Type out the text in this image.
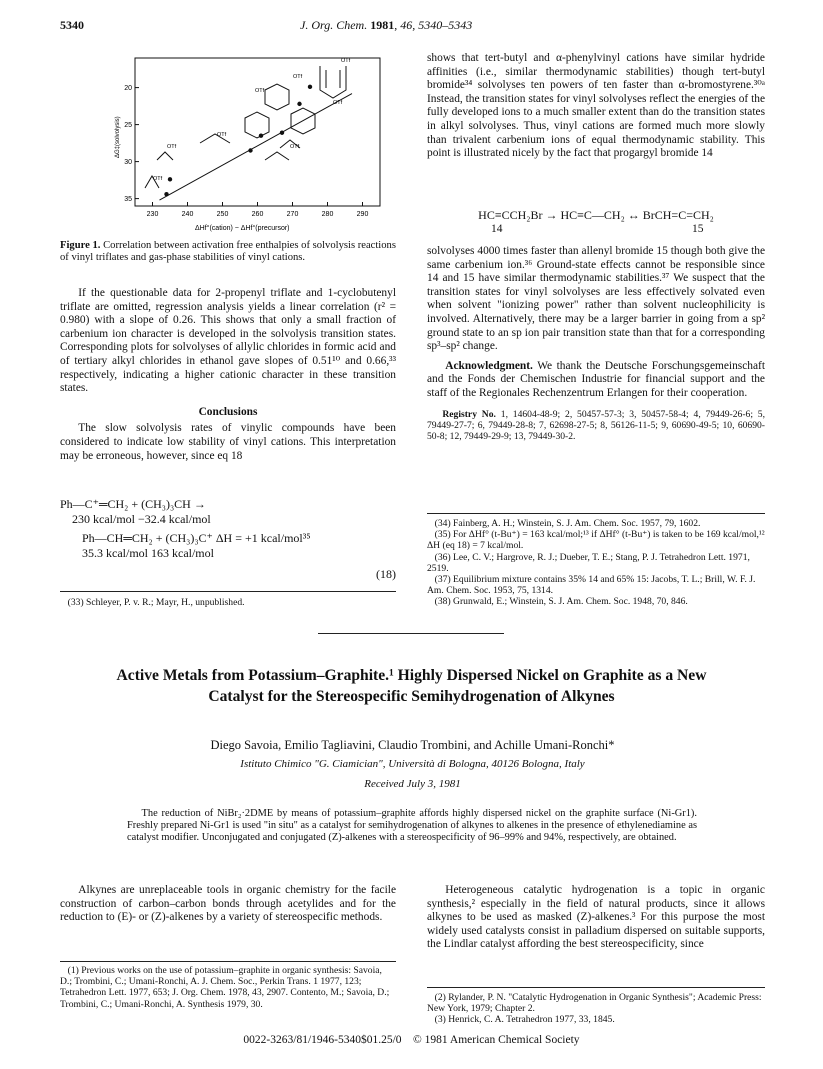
5340	J. Org. Chem. 1981, 46, 5340–5343
35
30
25
20
230	240	250	260	270	280	290
OTf
OTf
OTf
OTf
OTf
OTf
OTf
OTf
ΔG‡(solvolysis)
ΔHf°(cation) − ΔHf°(precursor)
Figure 1. Correlation between activation free enthalpies of solvolysis reactions of vinyl triflates and gas-phase stabilities of vinyl cations.

If the questionable data for 2-propenyl triflate and 1-cyclobutenyl triflate are omitted, regression analysis yields a linear correlation (r² = 0.980) with a slope of 0.26. This shows that only a small fraction of carbenium ion character is developed in the solvolysis transition states. Corresponding plots for solvolyses of allylic chlorides in formic acid and of tertiary alkyl chlorides in ethanol gave slopes of 0.51¹⁰ and 0.66,³³ respectively, indicating a higher cationic character in these transition states.

Conclusions

The slow solvolysis rates of vinylic compounds have been considered to indicate low stability of vinyl cations. This interpretation may be erroneous, however, since eq 18

Ph—C⁺═CH₂ + (CH₃)₃CH →
230 kcal/mol −32.4 kcal/mol
Ph—CH═CH₂ + (CH₃)₃C⁺ ΔH = +1 kcal/mol³⁵
35.3 kcal/mol 163 kcal/mol
(18)
(33) Schleyer, P. v. R.; Mayr, H., unpublished.

shows that tert-butyl and α-phenylvinyl cations have similar hydride affinities (i.e., similar thermodynamic stabilities) though tert-butyl bromide³⁴ solvolyses ten powers of ten faster than α-bromostyrene.³⁰ᵃ Instead, the transition states for vinyl solvolyses reflect the energies of the fully developed ions to a much smaller extent than do the transition states in alkyl solvolyses. Thus, vinyl cations are formed much more slowly than trivalent carbenium ions of equal thermodynamic stability. This point is illustrated nicely by the fact that progargyl bromide 14

HC≡CCH₂Br → HC≡C—CH₂ ↔ BrCH=C=CH₂
14	15

solvolyses 4000 times faster than allenyl bromide 15 though both give the same carbenium ion.³⁶ Ground-state effects cannot be responsible since 14 and 15 have similar thermodynamic stabilities.³⁷ We suspect that the transition states for vinyl solvolyses are less effectively solvated even when solvent "ionizing power" rather than solvent nucleophilicity is involved. Alternatively, there may be a larger barrier in going from a sp² ground state to an sp ion pair transition state than that for a corresponding sp³–sp² change.

Acknowledgment. We thank the Deutsche Forschungsgemeinschaft and the Fonds der Chemischen Industrie for financial support and the staff of the Regionales Rechenzentrum Erlangen for their cooperation.

Registry No. 1, 14604-48-9; 2, 50457-57-3; 3, 50457-58-4; 4, 79449-26-6; 5, 79449-27-7; 6, 79449-28-8; 7, 62698-27-5; 8, 56126-11-5; 9, 60690-49-5; 10, 60690-50-8; 12, 79449-29-9; 13, 79449-30-2.

(34) Fainberg, A. H.; Winstein, S. J. Am. Chem. Soc. 1957, 79, 1602.
(35) For ΔHf° (t-Bu⁺) = 163 kcal/mol;¹³ if ΔHf° (t-Bu⁺) is taken to be 169 kcal/mol,¹² ΔH (eq 18) = 7 kcal/mol.
(36) Lee, C. V.; Hargrove, R. J.; Dueber, T. E.; Stang, P. J. Tetrahedron Lett. 1971, 2519.
(37) Equilibrium mixture contains 35% 14 and 65% 15: Jacobs, T. L.; Brill, W. F. J. Am. Chem. Soc. 1953, 75, 1314.
(38) Grunwald, E.; Winstein, S. J. Am. Chem. Soc. 1948, 70, 846.
Active Metals from Potassium–Graphite.¹ Highly Dispersed Nickel on Graphite as a New Catalyst for the Stereospecific Semihydrogenation of Alkynes
Diego Savoia, Emilio Tagliavini, Claudio Trombini, and Achille Umani-Ronchi*
Istituto Chimico "G. Ciamician", Università di Bologna, 40126 Bologna, Italy
Received July 3, 1981
The reduction of NiBr₂·2DME by means of potassium–graphite affords highly dispersed nickel on the graphite surface (Ni-Gr1). Freshly prepared Ni-Gr1 is used "in situ" as a catalyst for semihydrogenation of alkynes to alkenes in the presence of ethylenediamine as catalyst modifier. Unconjugated and conjugated (Z)-alkenes with a stereospecificity of 96–99% and 94%, respectively, are obtained.

Alkynes are unreplaceable tools in organic chemistry for the facile construction of carbon–carbon bonds through acetylides and for the reduction to (E)- or (Z)-alkenes by a variety of stereospecific methods.

(1) Previous works on the use of potassium–graphite in organic synthesis: Savoia, D.; Trombini, C.; Umani-Ronchi, A. J. Chem. Soc., Perkin Trans. 1 1977, 123; Tetrahedron Lett. 1977, 653; J. Org. Chem. 1978, 43, 2907. Contento, M.; Savoia, D.; Trombini, C.; Umani-Ronchi, A. Synthesis 1979, 30.

Heterogeneous catalytic hydrogenation is a topic in organic synthesis,² especially in the field of natural products, since it allows alkynes to be used as masked (Z)-alkenes.³ For this purpose the most widely used catalysts consist in palladium dispersed on suitable supports, the Lindlar catalyst affording the best stereospecificity, since

(2) Rylander, P. N. "Catalytic Hydrogenation in Organic Synthesis"; Academic Press: New York, 1979; Chapter 2.
(3) Henrick, C. A. Tetrahedron 1977, 33, 1845.
0022-3263/81/1946-5340$01.25/0 © 1981 American Chemical Society
